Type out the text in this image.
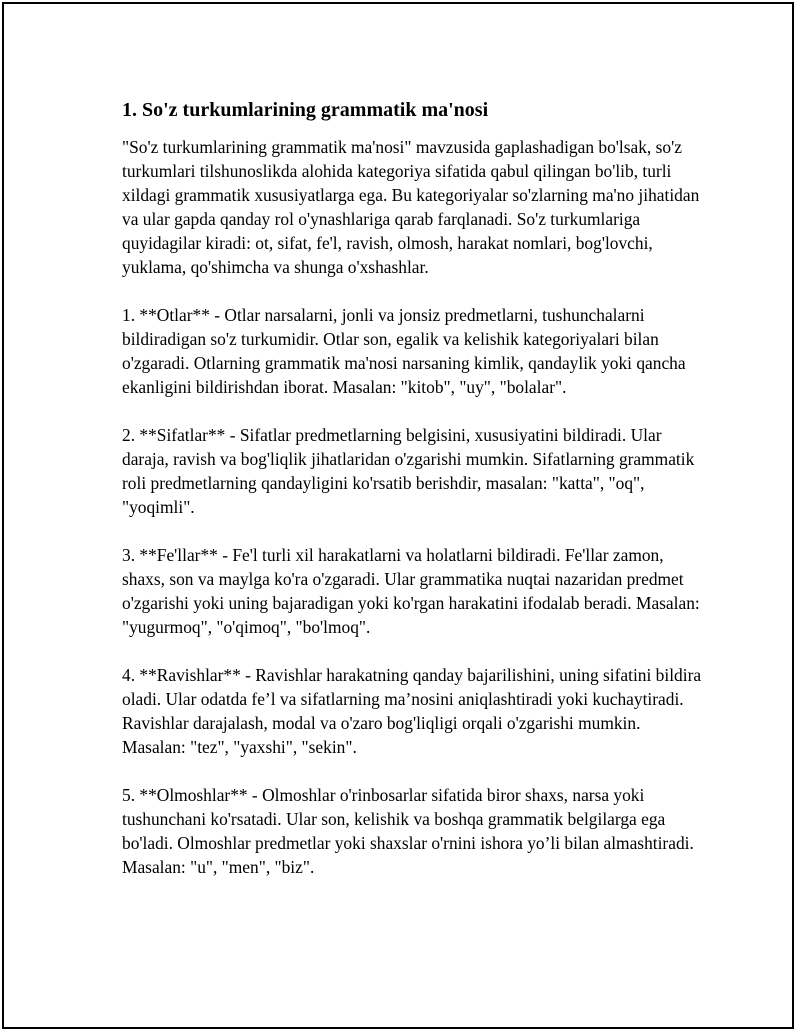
1. So'z turkumlarining grammatik ma'nosi

"So'z turkumlarining grammatik ma'nosi" mavzusida gaplashadigan bo'lsak, so'z turkumlari tilshunoslikda alohida kategoriya sifatida qabul qilingan bo'lib, turli xildagi grammatik xususiyatlarga ega. Bu kategoriyalar so'zlarning ma'no jihatidan va ular gapda qanday rol o'ynashlariga qarab farqlanadi. So'z turkumlariga quyidagilar kiradi: ot, sifat, fe'l, ravish, olmosh, harakat nomlari, bog'lovchi, yuklama, qo'shimcha va shunga o'xshashlar.

1. **Otlar** - Otlar narsalarni, jonli va jonsiz predmetlarni, tushunchalarni bildiradigan so'z turkumidir. Otlar son, egalik va kelishik kategoriyalari bilan o'zgaradi. Otlarning grammatik ma'nosi narsaning kimlik, qandaylik yoki qancha ekanligini bildirishdan iborat. Masalan: "kitob", "uy", "bolalar".

2. **Sifatlar** - Sifatlar predmetlarning belgisini, xususiyatini bildiradi. Ular daraja, ravish va bog'liqlik jihatlaridan o'zgarishi mumkin. Sifatlarning grammatik roli predmetlarning qandayligini ko'rsatib berishdir, masalan: "katta", "oq", "yoqimli".

3. **Fe'llar** - Fe'l turli xil harakatlarni va holatlarni bildiradi. Fe'llar zamon, shaxs, son va maylga ko'ra o'zgaradi. Ular grammatika nuqtai nazaridan predmet o'zgarishi yoki uning bajaradigan yoki ko'rgan harakatini ifodalab beradi. Masalan: "yugurmoq", "o'qimoq", "bo'lmoq".

4. **Ravishlar** - Ravishlar harakatning qanday bajarilishini, uning sifatini bildira oladi. Ular odatda fe’l va sifatlarning ma’nosini aniqlashtiradi yoki kuchaytiradi. Ravishlar darajalash, modal va o'zaro bog'liqligi orqali o'zgarishi mumkin. Masalan: "tez", "yaxshi", "sekin".

5. **Olmoshlar** - Olmoshlar o'rinbosarlar sifatida biror shaxs, narsa yoki tushunchani ko'rsatadi. Ular son, kelishik va boshqa grammatik belgilarga ega bo'ladi. Olmoshlar predmetlar yoki shaxslar o'rnini ishora yo’li bilan almashtiradi. Masalan: "u", "men", "biz".
